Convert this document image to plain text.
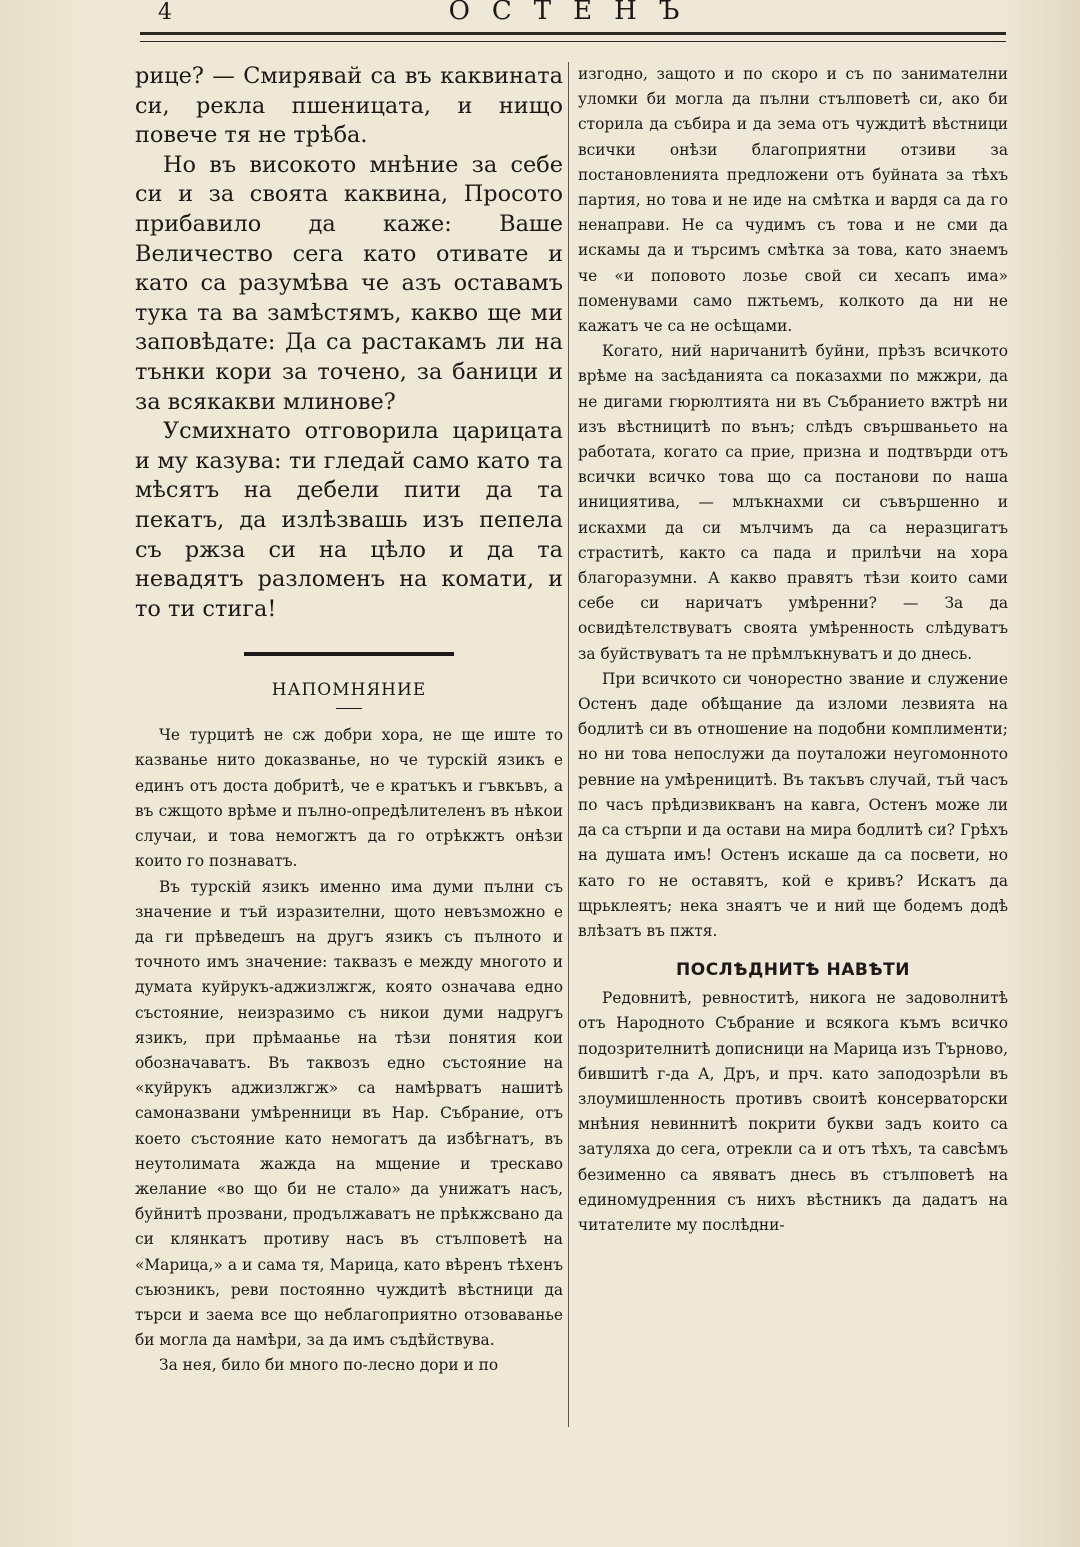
4	ОСТЕНЪ

рице? — Смирявай са въ каквината си, рекла пшеницата, и нищо повече тя не трѣба.

Но въ високото мнѣние за себе си и за своята каквина, Просото прибавило да каже: Ваше Величество сега като отивате и като са разумѣва че азъ оставамъ тука та ва замѣстямъ, какво ще ми заповѣдате: Да са растакамъ ли на тънки кори за точено, за баници и за всякакви млинове?

Усмихнато отговорила царицата и му казува: ти гледай само като та мѣсятъ на дебели пити да та пекатъ, да излѣзвашь изъ пепела съ ржза си на цѣло и да та невадятъ разломенъ на комати, и то ти стига!

НАПОМНЯНИЕ

Че турцитѣ не сж добри хора, не ще иште то казванье нито доказванье, но че турскій язикъ е единъ отъ доста добритѣ, че е кратъкъ и гъвкъвъ, а въ сжщото врѣме и пълно-опредѣлителенъ въ нѣкои случаи, и това немогжтъ да го отрѣкжтъ онѣзи които го познаватъ.

Въ турскій язикъ именно има думи пълни съ значение и тъй изразителни, щото невъзможно е да ги прѣведешъ на другъ язикъ съ пълното и точното имъ значение: таквазъ е между многото и думата куйрукъ-аджизлжгж, която означава едно състояние, неизразимо съ никои думи надругъ язикъ, при прѣмаанье на тѣзи понятия кои обозначаватъ. Въ таквозъ едно състояние на «куйрукъ аджизлжгж» са намѣрватъ нашитѣ самоназвани умѣренници въ Нар. Събрание, отъ което състояние като немогатъ да избѣгнатъ, въ неутолимата жажда на мщение и трескаво желание «во що би не стало» да унижатъ насъ, буйнитѣ прозвани, продължаватъ не прѣкжсвано да си клянкатъ противу насъ въ стълповетѣ на «Марица,» а и сама тя, Марица, като вѣренъ тѣхенъ съюзникъ, реви постоянно чуждитѣ вѣстници да търси и заема все що неблагоприятно отзоваванье би могла да намѣри, за да имъ съдѣйствува.

За нея, било би много по-лесно дори и по

изгодно, защото и по скоро и съ по занимателни уломки би могла да пълни стълповетѣ си, ако би сторила да събира и да зема отъ чуждитѣ вѣстници всички онѣзи благоприятни отзиви за постановленията предложени отъ буйната за тѣхъ партия, но това и не иде на смѣтка и вардя са да го ненаправи. Не са чудимъ съ това и не сми да искамы да и търсимъ смѣтка за това, като знаемъ че «и поповото лозье свой си хесапъ има» поменувами само пжтьемъ, колкото да ни не кажатъ че са не осѣщами.

Когато, ний наричанитѣ буйни, прѣзъ всичкото врѣме на засѣданията са показахми по мжжри, да не дигами гюрюлтията ни въ Събранието вжтрѣ ни изъ вѣстницитѣ по вънъ; слѣдъ свършваньето на работата, когато са прие, призна и подтвърди отъ всички всичко това що са постанови по наша инициятива, — млъкнахми си съвършенно и искахми да си мълчимъ да са неразцигатъ страститѣ, както са пада и прилѣчи на хора благоразумни. А какво правятъ тѣзи които сами себе си наричатъ умѣренни? — За да освидѣтелствуватъ своята умѣренность слѣдуватъ за буйствуватъ та не прѣмлъкнуватъ и до днесь.

При всичкото си чонорестно звание и служение Остенъ даде обѣщание да изломи лезвията на бодлитѣ си въ отношение на подобни комплименти; но ни това непослужи да поуталожи неугомонното ревние на умѣреницитѣ. Въ такъвъ случай, тъй часъ по часъ прѣдизвикванъ на кавга, Остенъ може ли да са стърпи и да остави на мира бодлитѣ си? Грѣхъ на душата имъ! Остенъ искаше да са посвети, но като го не оставятъ, кой е кривъ? Искатъ да щрьклеятъ; нека знаятъ че и ний ще бодемъ додѣ влѣзатъ въ пжтя.

ПОСЛѢДНИТѢ НАВѢТИ

Редовнитѣ, ревноститѣ, никога не задоволнитѣ отъ Народното Събрание и всякога къмъ всичко подозрителнитѣ дописници на Марица изъ Търново, бившитѣ г-да А, Дръ, и прч. като заподозрѣли въ злоумишленность противъ своитѣ консерваторски мнѣния невиннитѣ покрити букви задъ които са затуляха до сега, отрекли са и отъ тѣхъ, та савсѣмъ безименно са явяватъ днесь въ стълповетѣ на единомудренния съ нихъ вѣстникъ да дадатъ на читателите му послѣдни-
